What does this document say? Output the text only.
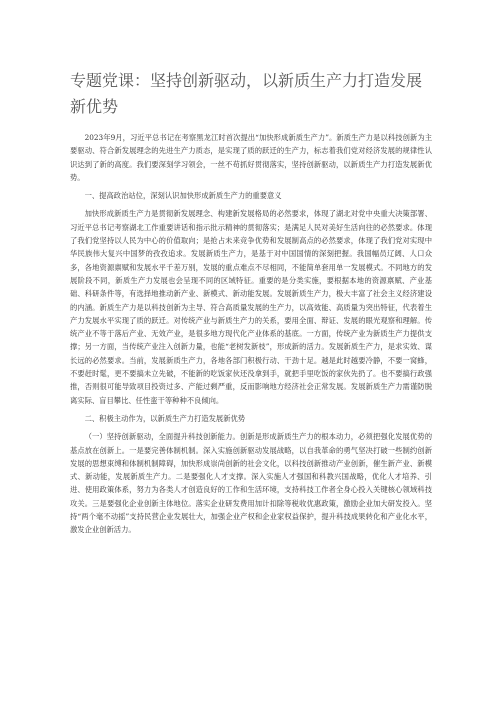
专题党课：坚持创新驱动，以新质生产力打造发展新优势

2023年9月，习近平总书记在考察黑龙江时首次提出“加快形成新质生产力”。新质生产力是以科技创新为主要驱动、符合新发展理念的先进生产力质态，是实现了质的跃迁的生产力，标志着我们党对经济发展的规律性认识达到了新的高度。我们要深刻学习领会，一丝不苟抓好贯彻落实，坚持创新驱动，以新质生产力打造发展新优势。

一、提高政治站位，深刻认识加快形成新质生产力的重要意义

加快形成新质生产力是贯彻新发展理念、构建新发展格局的必然要求，体现了湖北对党中央重大决策部署、习近平总书记考察湖北工作重要讲话和指示批示精神的贯彻落实；是满足人民对美好生活向往的必然要求。体现了我们党坚持以人民为中心的价值取向；是抢占未来竞争优势和发展制高点的必然要求，体现了我们党对实现中华民族伟大复兴中国梦的孜孜追求。发展新质生产力，是基于对中国国情的深刻把握。我国幅员辽阔、人口众多，各地资源禀赋和发展水平千差万别，发展的重点难点不尽相同，不能简单套用单一发展模式。不同地方的发展阶段不同，新质生产力发展也会呈现不同的区域特征。重要的是分类实施，要根据本地的资源禀赋、产业基础、科研条件等，有选择地推动新产业、新模式、新动能发展。发展新质生产力，极大丰富了社会主义经济建设的内涵。新质生产力是以科技创新为主导、符合高质量发展的生产力，以高效能、高质量为突出特征，代表着生产力发展水平实现了质的跃迁。对传统产业与新质生产力的关系，要用全面、辩证、发展的眼光观察和理解。传统产业不等于落后产业、无效产业，是很多地方现代化产业体系的基底。一方面，传统产业为新质生产力提供支撑；另一方面，当传统产业注入创新力量，也能“老树发新枝”，形成新的活力。发展新质生产力，是求实效、谋长远的必然要求。当前，发展新质生产力，各地各部门积极行动、干劲十足。越是此时越要冷静，不要一窝蜂，不要赶时髦，更不要搞未立先破，不能新的吃饭家伙还没拿到手，就把手里吃饭的家伙先扔了。也不要搞行政强推，否则很可能导致项目投资过多、产能过剩严重，反而影响地方经济社会正常发展。发展新质生产力需谨防脱离实际、盲目攀比、任性蛮干等种种不良倾向。

二、积极主动作为，以新质生产力打造发展新优势

（一）坚持创新驱动，全面提升科技创新能力。创新是形成新质生产力的根本动力，必须把强化发展优势的基点放在创新上。一是要完善体制机制。深入实施创新驱动发展战略，以自我革命的勇气坚决打破一些制约创新发展的思想束缚和体制机制障碍，加快形成崇尚创新的社会文化，以科技创新推动产业创新，催生新产业、新模式、新动能，发展新质生产力。二是要强化人才支撑。深入实施人才强国和科教兴国战略，优化人才培养、引进、使用政策体系，努力为各类人才创造良好的工作和生活环境，支持科技工作者全身心投入关键核心领域科技攻关。三是要强化企业创新主体地位。落实企业研发费用加计扣除等税收优惠政策，激励企业加大研发投入。坚持“两个毫不动摇”支持民营企业发展壮大，加强企业产权和企业家权益保护，提升科技成果转化和产业化水平，激发企业创新活力。
